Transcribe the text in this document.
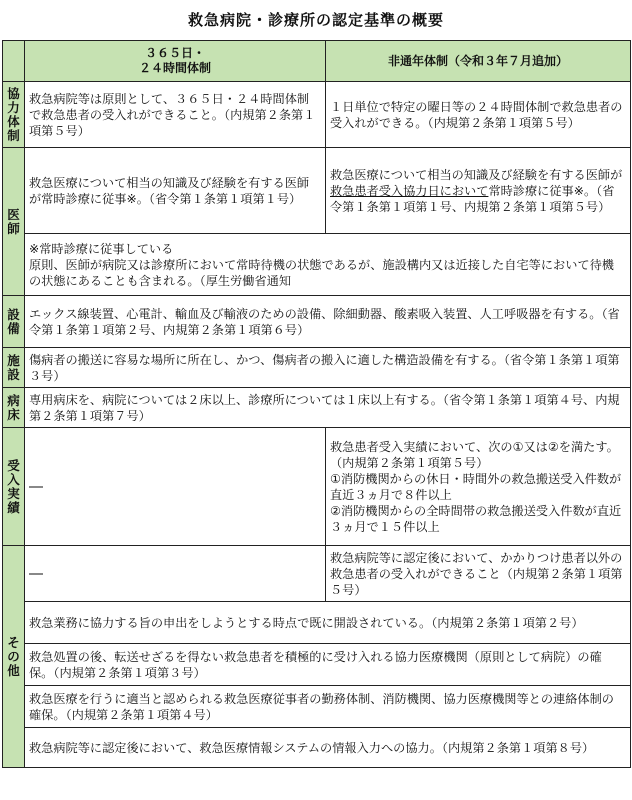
救急病院・診療所の認定基準の概要
	３６５日・
２４時間体制	非通年体制（令和３年７月追加）

協
力
体
制	救急病院等は原則として、３６５日・２４時間体制で救急患者の受入れができること。（内規第２条第１項第５号）	１日単位で特定の曜日等の２４時間体制で救急患者の受入れができる。（内規第２条第１項第５号）

医
師	救急医療について相当の知識及び経験を有する医師が常時診療に従事※。（省令第１条第１項第１号）	救急医療について相当の知識及び経験を有する医師が救急患者受入協力日において常時診療に従事※。（省令第１条第１項第１号、内規第２条第１項第５号）
	※常時診療に従事している
原則、医師が病院又は診療所において常時待機の状態であるが、施設構内又は近接した自宅等において待機の状態にあることも含まれる。（厚生労働省通知	

設
備	エックス線装置、心電計、輸血及び輸液のための設備、除細動器、酸素吸入装置、人工呼吸器を有する。（省令第１条第１項第２号、内規第２条第１項第６号）	

施
設	傷病者の搬送に容易な場所に所在し、かつ、傷病者の搬入に適した構造設備を有する。（省令第１条第１項第３号）	

病
床	専用病床を、病院については２床以上、診療所については１床以上有する。（省令第１条第１項第４号、内規第２条第１項第７号）	

受
入
実
績	―	救急患者受入実績において、次の①又は②を満たす。（内規第２条第１項第５号）
①消防機関からの休日・時間外の救急搬送受入件数が直近３ヵ月で８件以上
②消防機関からの全時間帯の救急搬送受入件数が直近３ヵ月で１５件以上

そ
の
他	―	救急病院等に認定後において、かかりつけ患者以外の救急患者の受入れができること（内規第２条第１項第５号）
	救急業務に協力する旨の申出をしようとする時点で既に開設されている。（内規第２条第１項第２号）	
	救急処置の後、転送せざるを得ない救急患者を積極的に受け入れる協力医療機関（原則として病院）の確保。（内規第２条第１項第３号）	
	救急医療を行うに適当と認められる救急医療従事者の勤務体制、消防機関、協力医療機関等との連絡体制の確保。（内規第２条第１項第４号）	
	救急病院等に認定後において、救急医療情報システムの情報入力への協力。（内規第２条第１項第８号）	
